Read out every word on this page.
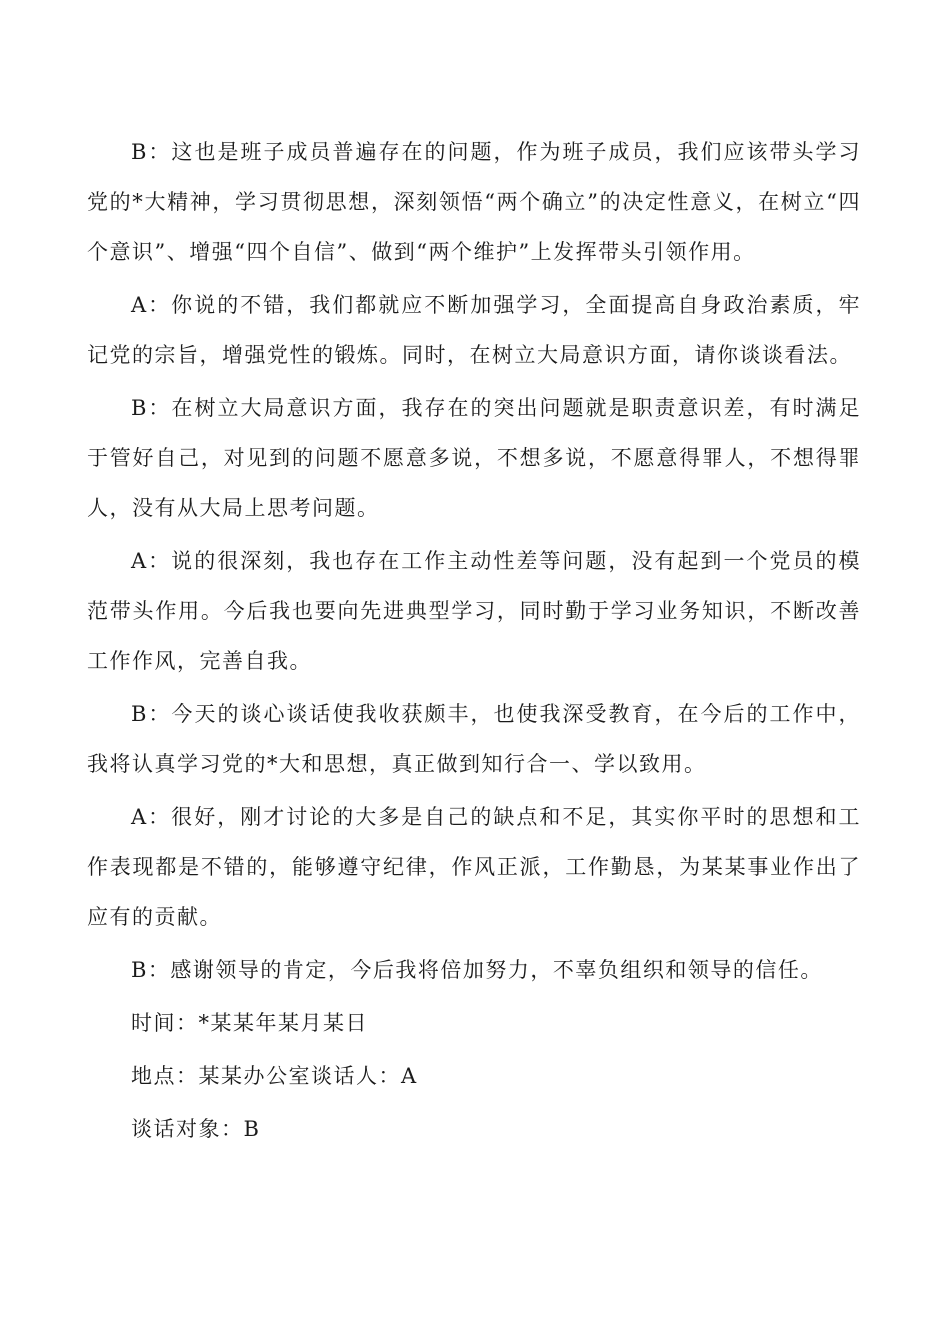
B：这也是班子成员普遍存在的问题，作为班子成员，我们应该带头学习党的*大精神，学习贯彻思想，深刻领悟“两个确立”的决定性意义，在树立“四个意识”、增强“四个自信”、做到“两个维护”上发挥带头引领作用。

A：你说的不错，我们都就应不断加强学习，全面提高自身政治素质，牢记党的宗旨，增强党性的锻炼。同时，在树立大局意识方面，请你谈谈看法。

B：在树立大局意识方面，我存在的突出问题就是职责意识差，有时满足于管好自己，对见到的问题不愿意多说，不想多说，不愿意得罪人，不想得罪人，没有从大局上思考问题。

A：说的很深刻，我也存在工作主动性差等问题，没有起到一个党员的模范带头作用。今后我也要向先进典型学习，同时勤于学习业务知识，不断改善工作作风，完善自我。

B：今天的谈心谈话使我收获颇丰，也使我深受教育，在今后的工作中，我将认真学习党的*大和思想，真正做到知行合一、学以致用。

A：很好，刚才讨论的大多是自己的缺点和不足，其实你平时的思想和工作表现都是不错的，能够遵守纪律，作风正派，工作勤恳，为某某事业作出了应有的贡献。

B：感谢领导的肯定，今后我将倍加努力，不辜负组织和领导的信任。

时间：*某某年某月某日

地点：某某办公室谈话人：A

谈话对象：B
